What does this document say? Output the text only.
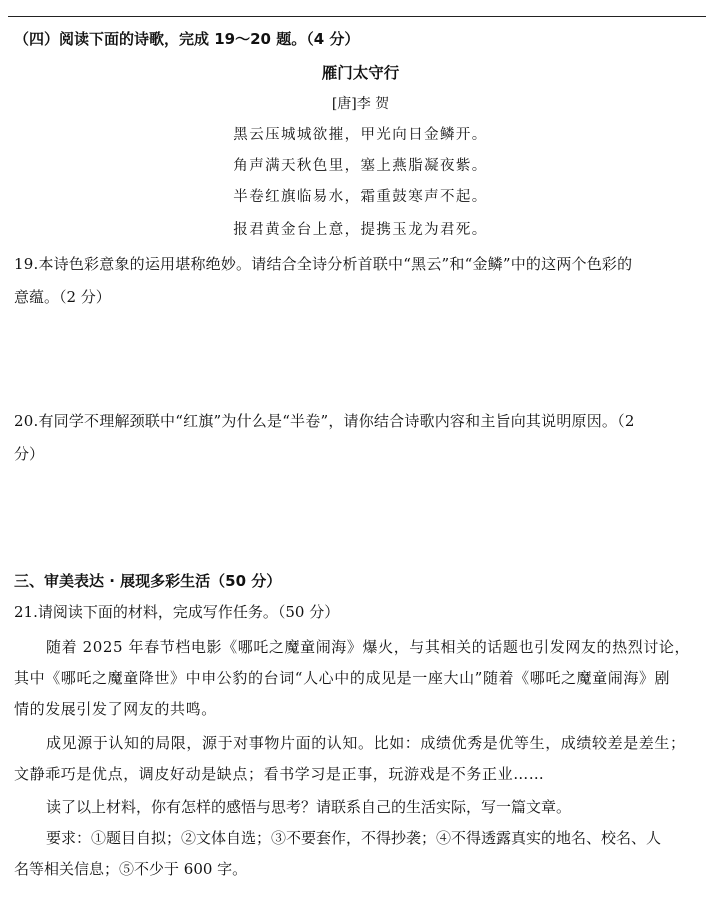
（四）阅读下面的诗歌，完成 19～20 题。（4 分）
雁门太守行
[唐]李 贺
黑云压城城欲摧，甲光向日金鳞开。
角声满天秋色里，塞上燕脂凝夜紫。
半卷红旗临易水，霜重鼓寒声不起。
报君黄金台上意，提携玉龙为君死。
19.本诗色彩意象的运用堪称绝妙。请结合全诗分析首联中“黑云”和“金鳞”中的这两个色彩的
意蕴。（2 分）
20.有同学不理解颈联中“红旗”为什么是“半卷”，请你结合诗歌内容和主旨向其说明原因。（2
分）
三、审美表达 · 展现多彩生活（50 分）
21.请阅读下面的材料，完成写作任务。（50 分）
随着 2025 年春节档电影《哪吒之魔童闹海》爆火，与其相关的话题也引发网友的热烈讨论，
其中《哪吒之魔童降世》中申公豹的台词“人心中的成见是一座大山”随着《哪吒之魔童闹海》剧
情的发展引发了网友的共鸣。
成见源于认知的局限，源于对事物片面的认知。比如：成绩优秀是优等生，成绩较差是差生；
文静乖巧是优点，调皮好动是缺点；看书学习是正事，玩游戏是不务正业……
读了以上材料，你有怎样的感悟与思考？请联系自己的生活实际，写一篇文章。
要求：①题目自拟；②文体自选；③不要套作，不得抄袭；④不得透露真实的地名、校名、人
名等相关信息；⑤不少于 600 字。
